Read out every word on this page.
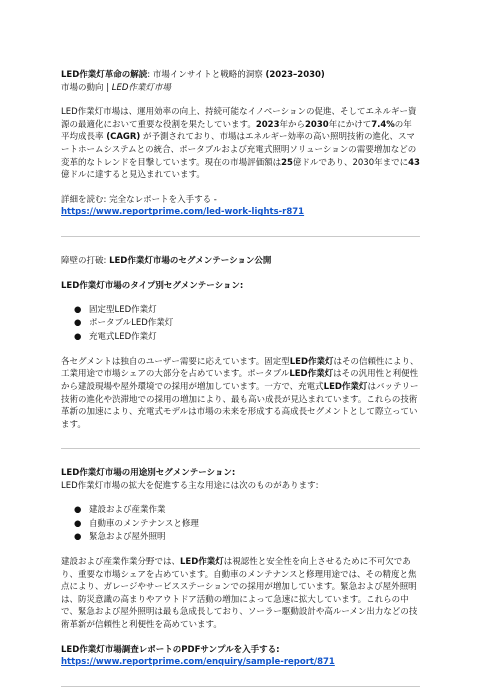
LED作業灯革命の解読: 市場インサイトと戦略的洞察 (2023–2030)

市場の動向 | LED作業灯市場

LED作業灯市場は、運用効率の向上、持続可能なイノベーションの促進、そしてエネルギー資源の最適化において重要な役割を果たしています。2023年から2030年にかけて7.4%の年平均成長率 (CAGR) が予測されており、市場はエネルギー効率の高い照明技術の進化、スマートホームシステムとの統合、ポータブルおよび充電式照明ソリューションの需要増加などの変革的なトレンドを目撃しています。現在の市場評価額は25億ドルであり、2030年までに43億ドルに達すると見込まれています。

詳細を読む: 完全なレポートを入手する -

https://www.reportprime.com/led-work-lights-r871

障壁の打破: LED作業灯市場のセグメンテーション公開

LED作業灯市場のタイプ別セグメンテーション:

● 固定型LED作業灯
● ポータブルLED作業灯
● 充電式LED作業灯

各セグメントは独自のユーザー需要に応えています。固定型LED作業灯はその信頼性により、工業用途で市場シェアの大部分を占めています。ポータブルLED作業灯はその汎用性と利便性から建設現場や屋外環境での採用が増加しています。一方で、充電式LED作業灯はバッテリー技術の進化や渋滞地での採用の増加により、最も高い成長が見込まれています。これらの技術革新の加速により、充電式モデルは市場の未来を形成する高成長セグメントとして際立っています。

LED作業灯市場の用途別セグメンテーション:

LED作業灯市場の拡大を促進する主な用途には次のものがあります:

● 建設および産業作業
● 自動車のメンテナンスと修理
● 緊急および屋外照明

建設および産業作業分野では、LED作業灯は視認性と安全性を向上させるために不可欠であり、重要な市場シェアを占めています。自動車のメンテナンスと修理用途では、その精度と焦点により、ガレージやサービスステーションでの採用が増加しています。緊急および屋外照明は、防災意識の高まりやアウトドア活動の増加によって急速に拡大しています。これらの中で、緊急および屋外照明は最も急成長しており、ソーラー駆動設計や高ルーメン出力などの技術革新が信頼性と利便性を高めています。

LED作業灯市場調査レポートのPDFサンプルを入手する:

https://www.reportprime.com/enquiry/sample-report/871
